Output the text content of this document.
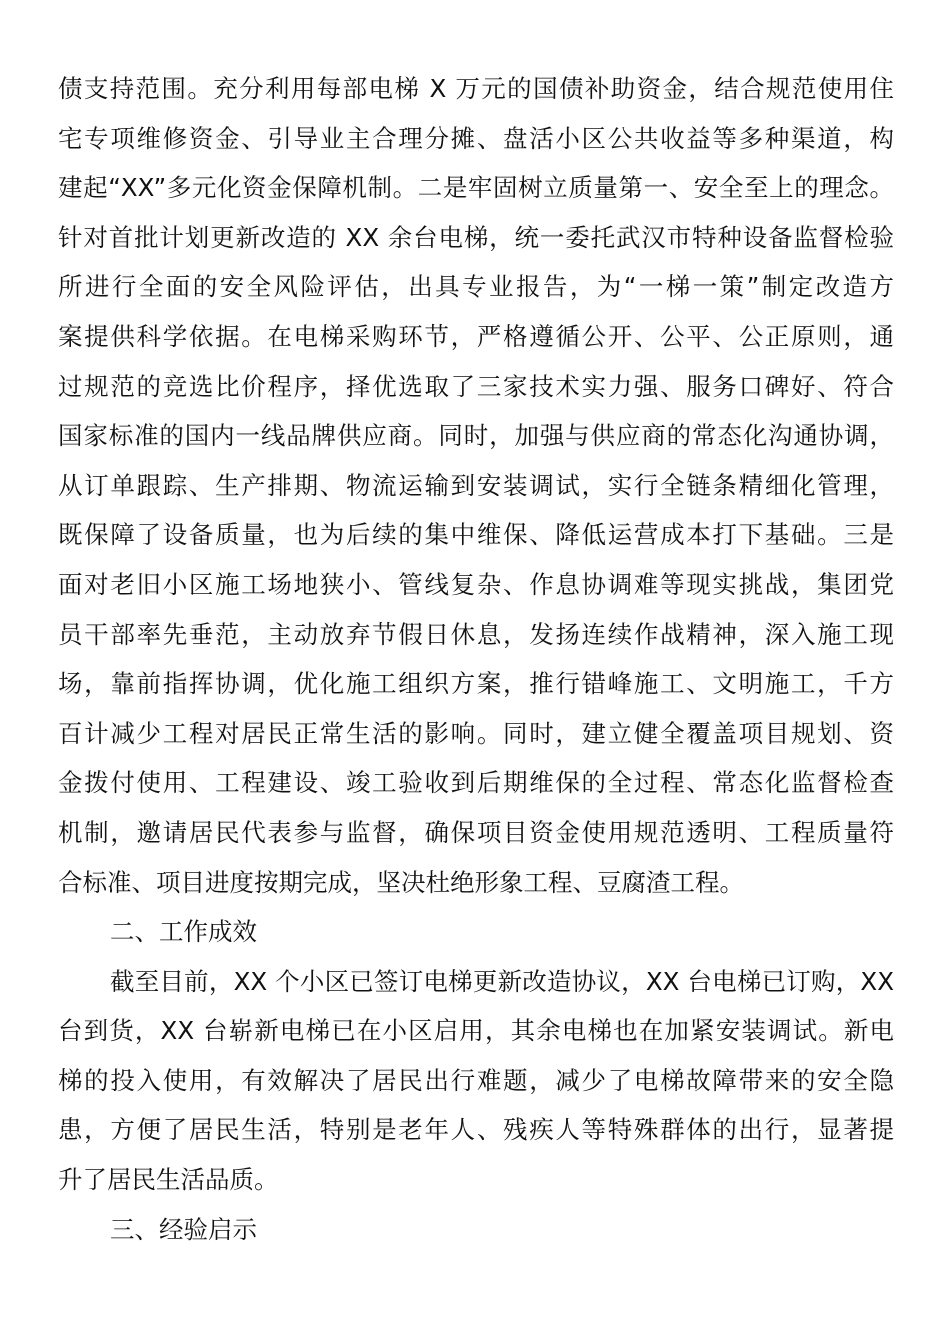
债支持范围。充分利用每部电梯 X 万元的国债补助资金，结合规范使用住
宅专项维修资金、引导业主合理分摊、盘活小区公共收益等多种渠道，构
建起“XX”多元化资金保障机制。二是牢固树立质量第一、安全至上的理念。
针对首批计划更新改造的 XX 余台电梯，统一委托武汉市特种设备监督检验
所进行全面的安全风险评估，出具专业报告，为“一梯一策”制定改造方
案提供科学依据。在电梯采购环节，严格遵循公开、公平、公正原则，通
过规范的竞选比价程序，择优选取了三家技术实力强、服务口碑好、符合
国家标准的国内一线品牌供应商。同时，加强与供应商的常态化沟通协调，
从订单跟踪、生产排期、物流运输到安装调试，实行全链条精细化管理，
既保障了设备质量，也为后续的集中维保、降低运营成本打下基础。三是
面对老旧小区施工场地狭小、管线复杂、作息协调难等现实挑战，集团党
员干部率先垂范，主动放弃节假日休息，发扬连续作战精神，深入施工现
场，靠前指挥协调，优化施工组织方案，推行错峰施工、文明施工，千方
百计减少工程对居民正常生活的影响。同时，建立健全覆盖项目规划、资
金拨付使用、工程建设、竣工验收到后期维保的全过程、常态化监督检查
机制，邀请居民代表参与监督，确保项目资金使用规范透明、工程质量符
合标准、项目进度按期完成，坚决杜绝形象工程、豆腐渣工程。
二、工作成效
截至目前，XX 个小区已签订电梯更新改造协议，XX 台电梯已订购，XX
台到货，XX 台崭新电梯已在小区启用，其余电梯也在加紧安装调试。新电
梯的投入使用，有效解决了居民出行难题，减少了电梯故障带来的安全隐
患，方便了居民生活，特别是老年人、残疾人等特殊群体的出行，显著提
升了居民生活品质。
三、经验启示
